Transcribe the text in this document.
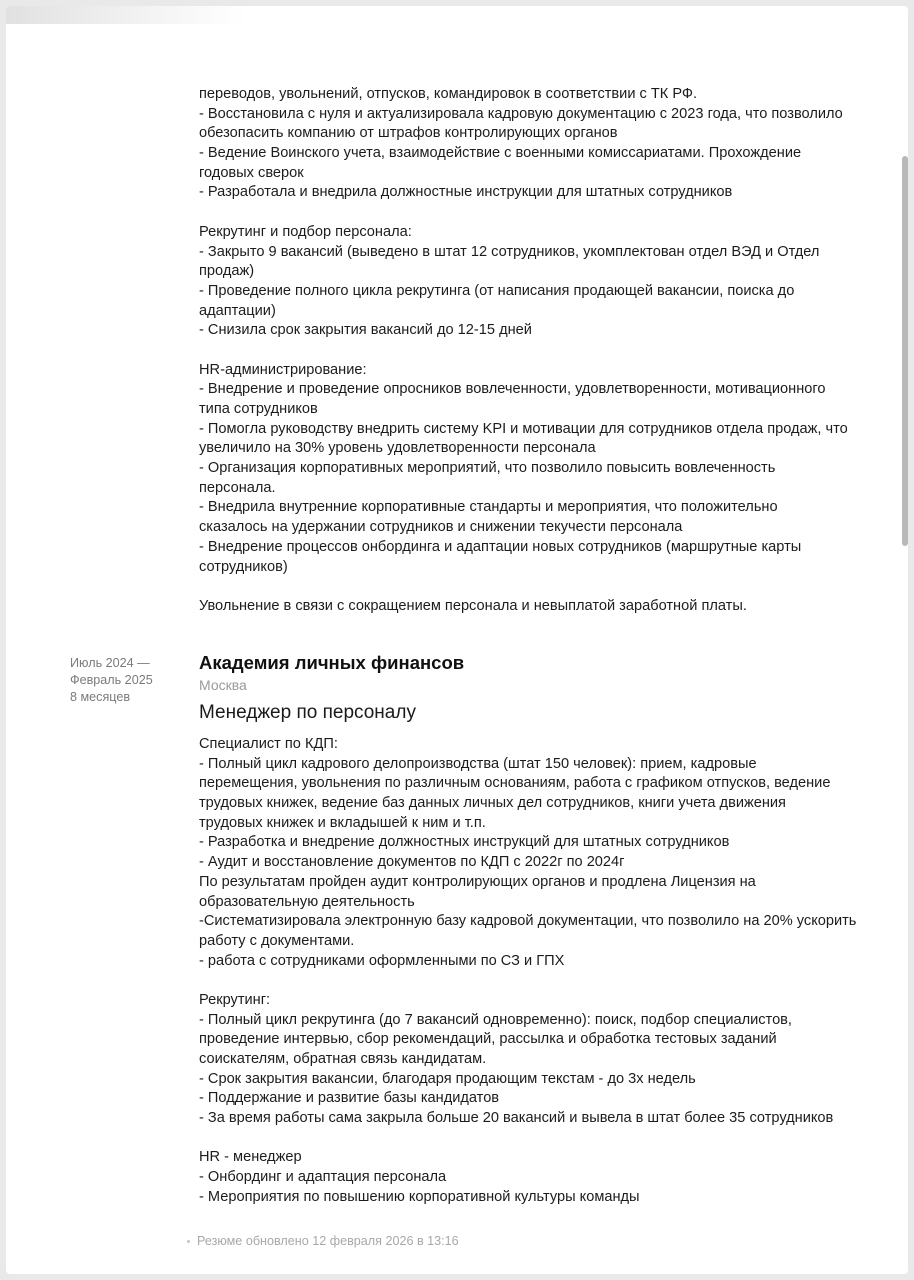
переводов, увольнений, отпусков, командировок в соответствии с ТК РФ.
- Восстановила с нуля и актуализировала кадровую документацию с 2023 года, что позволило
обезопасить компанию от штрафов контролирующих органов
- Ведение Воинского учета, взаимодействие с военными комиссариатами. Прохождение
годовых сверок
- Разработала и внедрила должностные инструкции для штатных сотрудников
Рекрутинг и подбор персонала:
- Закрыто 9 вакансий (выведено в штат 12 сотрудников, укомплектован отдел ВЭД и Отдел
продаж)
- Проведение полного цикла рекрутинга (от написания продающей вакансии, поиска до
адаптации)
- Снизила срок закрытия вакансий до 12-15 дней
HR-администрирование:
- Внедрение и проведение опросников вовлеченности, удовлетворенности, мотивационного
типа сотрудников
- Помогла руководству внедрить систему KPI и мотивации для сотрудников отдела продаж, что
увеличило на 30% уровень удовлетворенности персонала
- Организация корпоративных мероприятий, что позволило повысить вовлеченность
персонала.
- Внедрила внутренние корпоративные стандарты и мероприятия, что положительно
сказалось на удержании сотрудников и снижении текучести персонала
- Внедрение процессов онбординга и адаптации новых сотрудников (маршрутные карты
сотрудников)
Увольнение в связи с сокращением персонала и невыплатой заработной платы.
Июль 2024 —
Февраль 2025
8 месяцев
Академия личных финансов
Москва
Менеджер по персоналу
Специалист по КДП:
- Полный цикл кадрового делопроизводства (штат 150 человек): прием, кадровые
перемещения, увольнения по различным основаниям, работа с графиком отпусков, ведение
трудовых книжек, ведение баз данных личных дел сотрудников, книги учета движения
трудовых книжек и вкладышей к ним и т.п.
- Разработка и внедрение должностных инструкций для штатных сотрудников
- Аудит и восстановление документов по КДП с 2022г по 2024г
По результатам пройден аудит контролирующих органов и продлена Лицензия на
образовательную деятельность
-Систематизировала электронную базу кадровой документации, что позволило на 20% ускорить
работу с документами.
- работа с сотрудниками оформленными по СЗ и ГПХ
Рекрутинг:
- Полный цикл рекрутинга (до 7 вакансий одновременно): поиск, подбор специалистов,
проведение интервью, сбор рекомендаций, рассылка и обработка тестовых заданий
соискателям, обратная связь кандидатам.
- Срок закрытия вакансии, благодаря продающим текстам - до 3х недель
- Поддержание и развитие базы кандидатов
- За время работы сама закрыла больше 20 вакансий и вывела в штат более 35 сотрудников
HR - менеджер
- Онбординг и адаптация персонала
- Мероприятия по повышению корпоративной культуры команды
Резюме обновлено 12 февраля 2026 в 13:16
